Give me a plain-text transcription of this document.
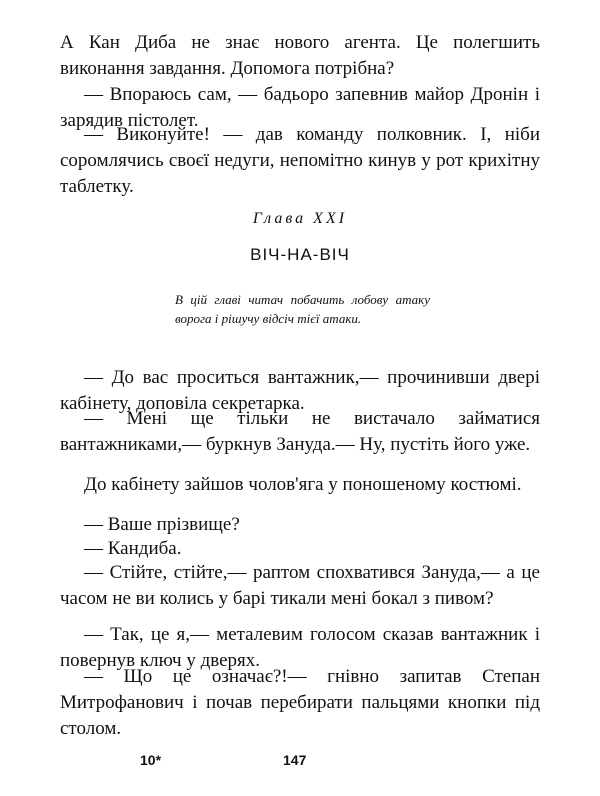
А Кан Диба не знає нового агента. Це полегшить виконання завдання. Допомога потрібна?

— Впораюсь сам, — бадьоро запевнив майор Дронін і зарядив пістолет.

— Виконуйте! — дав команду полковник. І, ніби соромлячись своєї недуги, непомітно кинув у рот крихітну таблетку.

Глава XXI

ВІЧ-НА-ВІЧ

В цій главі читач побачить лобову атаку ворога і рішучу відсіч тієї атаки.

— До вас проситься вантажник,— прочинивши двері кабінету, доповіла секретарка.

— Мені ще тільки не вистачало займатися вантажниками,— буркнув Зануда.— Ну, пустіть його уже.

До кабінету зайшов чолов'яга у поношеному костюмі.

— Ваше прізвище?

— Кандиба.

— Стійте, стійте,— раптом спохватився Зануда,— а це часом не ви колись у барі тикали мені бокал з пивом?

— Так, це я,— металевим голосом сказав вантажник і повернув ключ у дверях.

— Що це означає?!— гнівно запитав Степан Митрофанович і почав перебирати пальцями кнопки під столом.

10*	147
